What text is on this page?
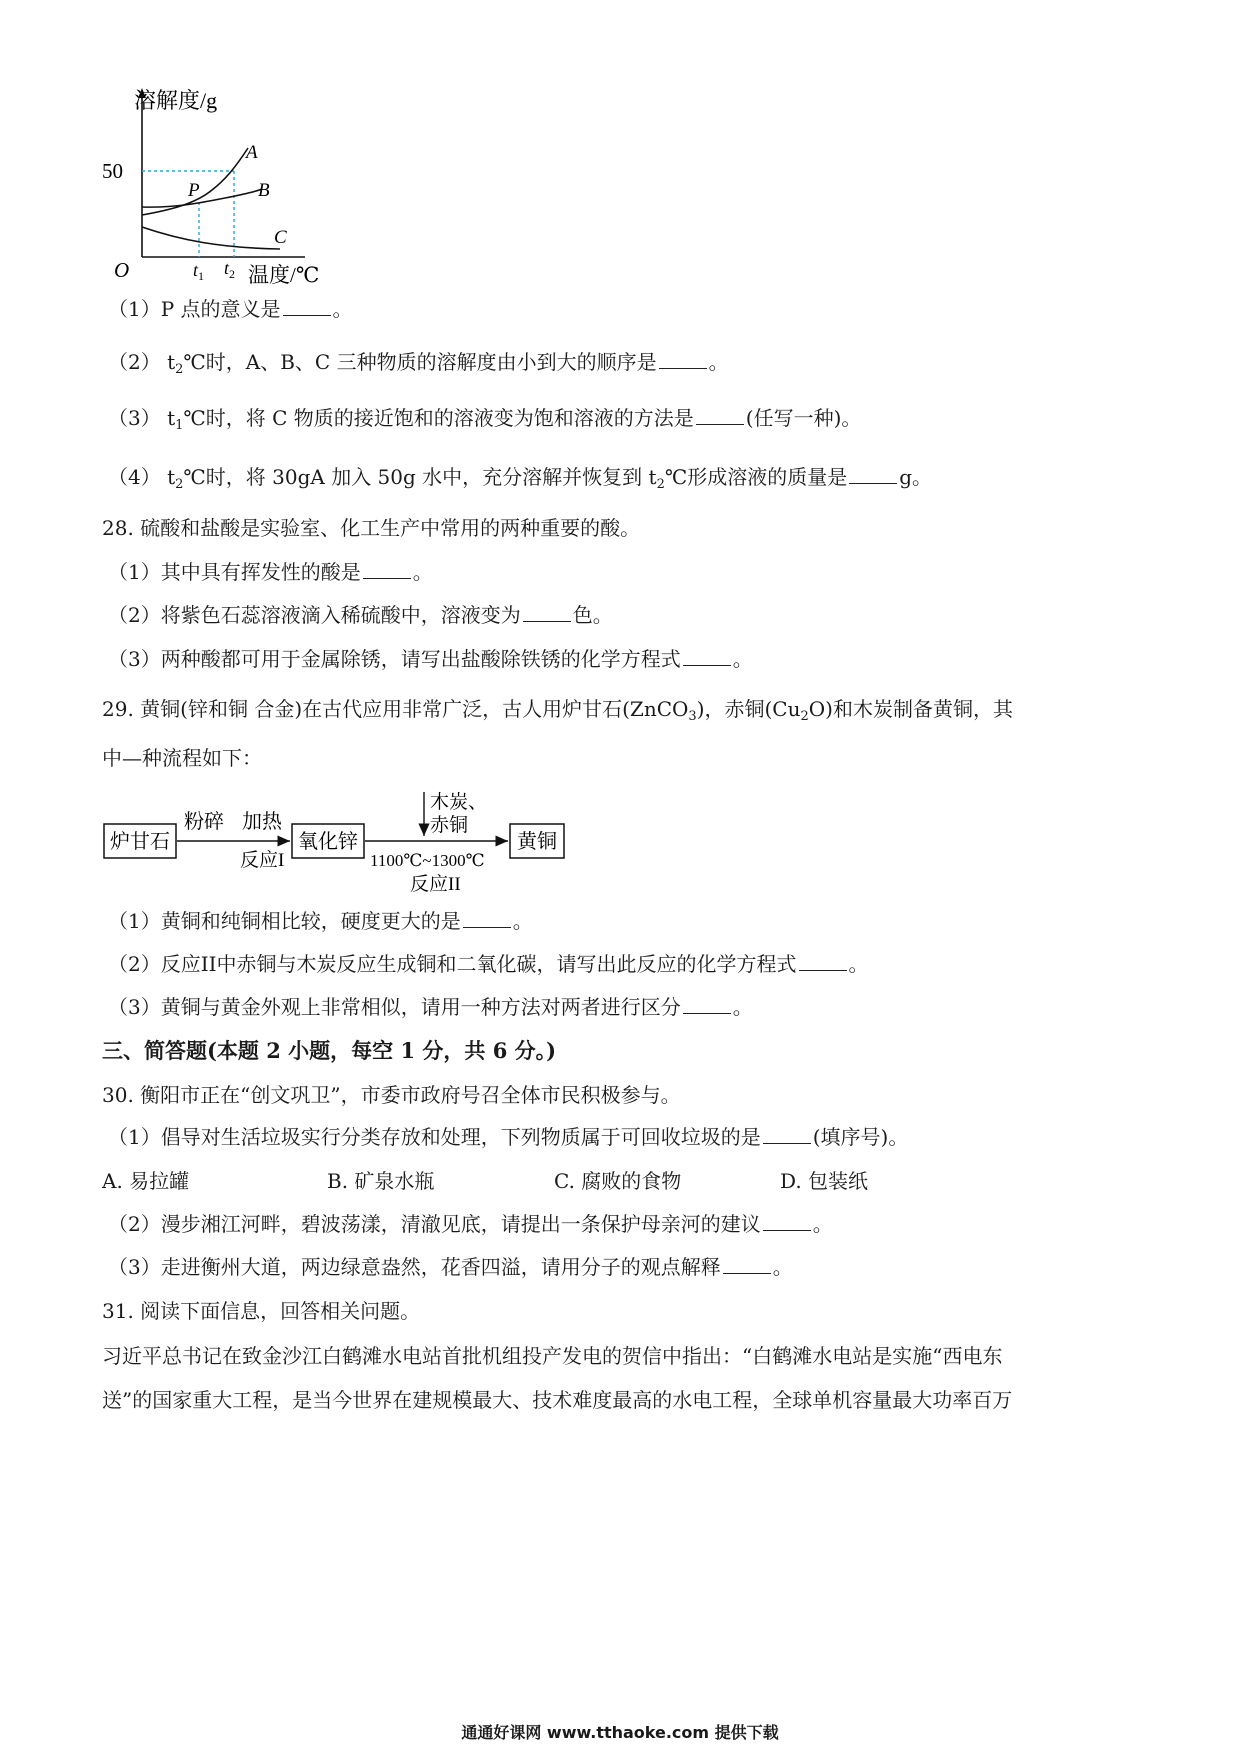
溶解度/g
50
O
A
B
C
P
$t_1$ $t_2$ 温度/℃
（1）P 点的意义是	。
（2） $t_2℃$时，A、B、C 三种物质的溶解度由小到大的顺序是	。
（3） $t_1℃$时，将 C 物质的接近饱和的溶液变为饱和溶液的方法是	(任写一种)。
（4） $t_2℃$时，将 30gA 加入 50g 水中，充分溶解并恢复到 $t_2℃$形成溶液的质量是	g。
28. 硫酸和盐酸是实验室、化工生产中常用的两种重要的酸。
（1）其中具有挥发性的酸是	。
（2）将紫色石蕊溶液滴入稀硫酸中，溶液变为	色。
（3）两种酸都可用于金属除锈，请写出盐酸除铁锈的化学方程式	。
29. 黄铜(锌和铜 合金)在古代应用非常广泛，古人用炉甘石(ZnCO$_3$)，赤铜$(Cu_2O)$和木炭制备黄铜，其
中—种流程如下：
炉甘石
粉碎 加热
反应I
氧化锌
木炭、
赤铜
1100℃~1300℃
反应II
黄铜
（1）黄铜和纯铜相比较，硬度更大的是	。
（2）反应II中赤铜与木炭反应生成铜和二氧化碳，请写出此反应的化学方程式	。
（3）黄铜与黄金外观上非常相似，请用一种方法对两者进行区分	。
三、简答题(本题 2 小题，每空 1 分，共 6 分。)
30. 衡阳市正在“创文巩卫”，市委市政府号召全体市民积极参与。
（1）倡导对生活垃圾实行分类存放和处理，下列物质属于可回收垃圾的是	(填序号)。
A. 易拉罐	B. 矿泉水瓶	C. 腐败的食物	D. 包装纸
（2）漫步湘江河畔，碧波荡漾，清澈见底，请提出一条保护母亲河的建议	。
（3）走进衡州大道，两边绿意盎然，花香四溢，请用分子的观点解释	。
31. 阅读下面信息，回答相关问题。
习近平总书记在致金沙江白鹤滩水电站首批机组投产发电的贺信中指出：“白鹤滩水电站是实施“西电东
送”的国家重大工程，是当今世界在建规模最大、技术难度最高的水电工程，全球单机容量最大功率百万
通通好课网 www.tthaoke.com 提供下载
